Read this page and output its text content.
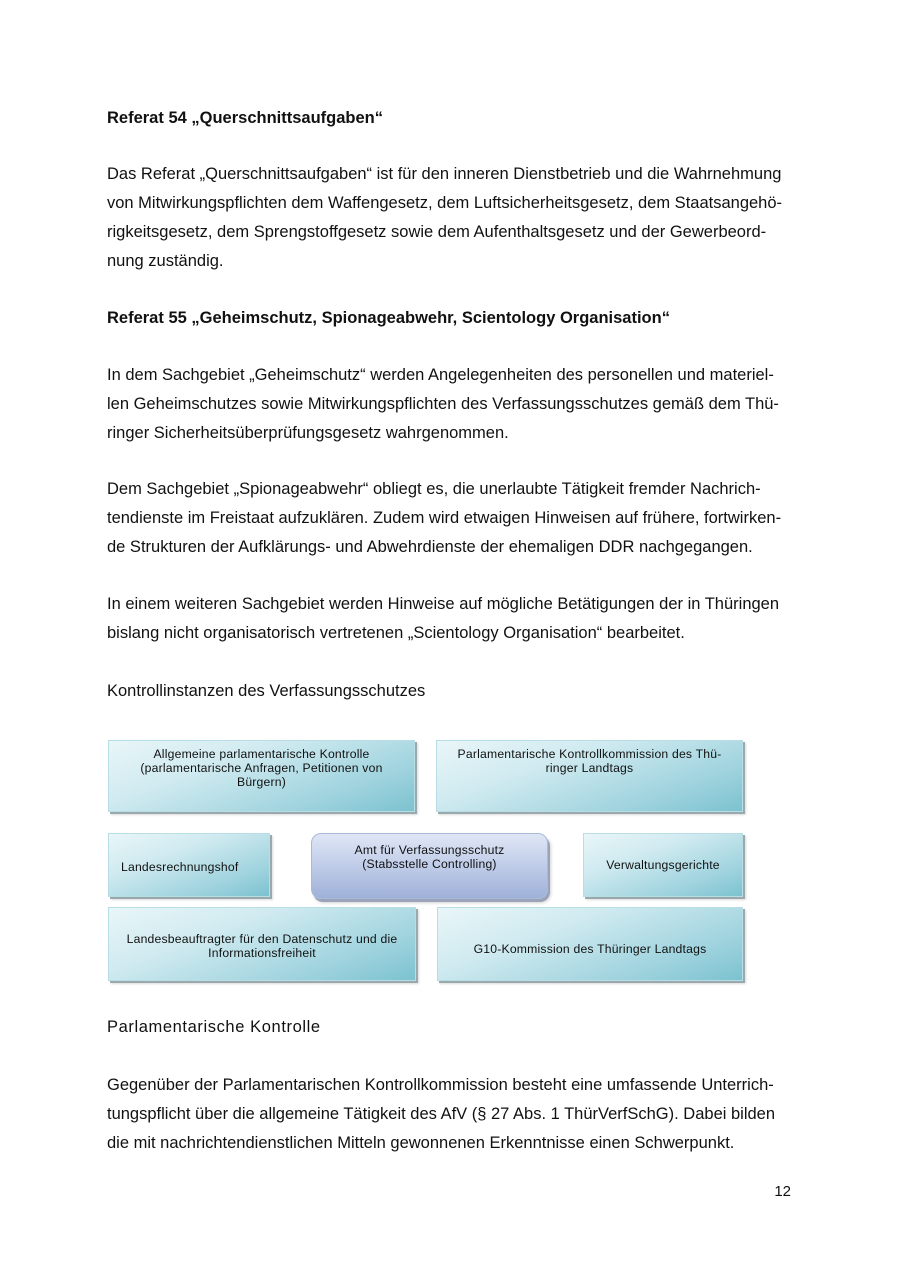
Referat 54 „Querschnittsaufgaben“
Das Referat „Querschnittsaufgaben“ ist für den inneren Dienstbetrieb und die Wahrnehmung
von Mitwirkungspflichten dem Waffengesetz, dem Luftsicherheitsgesetz, dem Staatsangehö-
rigkeitsgesetz, dem Sprengstoffgesetz sowie dem Aufenthaltsgesetz und der Gewerbeord-
nung zuständig.
Referat 55 „Geheimschutz, Spionageabwehr, Scientology Organisation“
In dem Sachgebiet „Geheimschutz“ werden Angelegenheiten des personellen und materiel-
len Geheimschutzes sowie Mitwirkungspflichten des Verfassungsschutzes gemäß dem Thü-
ringer Sicherheitsüberprüfungsgesetz wahrgenommen.
Dem Sachgebiet „Spionageabwehr“ obliegt es, die unerlaubte Tätigkeit fremder Nachrich-
tendienste im Freistaat aufzuklären. Zudem wird etwaigen Hinweisen auf frühere, fortwirken-
de Strukturen der Aufklärungs- und Abwehrdienste der ehemaligen DDR nachgegangen.
In einem weiteren Sachgebiet werden Hinweise auf mögliche Betätigungen der in Thüringen
bislang nicht organisatorisch vertretenen „Scientology Organisation“ bearbeitet.
Kontrollinstanzen des Verfassungsschutzes
Allgemeine parlamentarische Kontrolle
(parlamentarische Anfragen, Petitionen von
Bürgern)
Parlamentarische Kontrollkommission des Thü-
ringer Landtags
Landesrechnungshof
Amt für Verfassungsschutz
(Stabsstelle Controlling)	Verwaltungsgerichte
Landesbeauftragter für den Datenschutz und die
Informationsfreiheit	G10-Kommission des Thüringer Landtags
Parlamentarische Kontrolle
Gegenüber der Parlamentarischen Kontrollkommission besteht eine umfassende Unterrich-
tungspflicht über die allgemeine Tätigkeit des AfV (§ 27 Abs. 1 ThürVerfSchG). Dabei bilden
die mit nachrichtendienstlichen Mitteln gewonnenen Erkenntnisse einen Schwerpunkt.
12
